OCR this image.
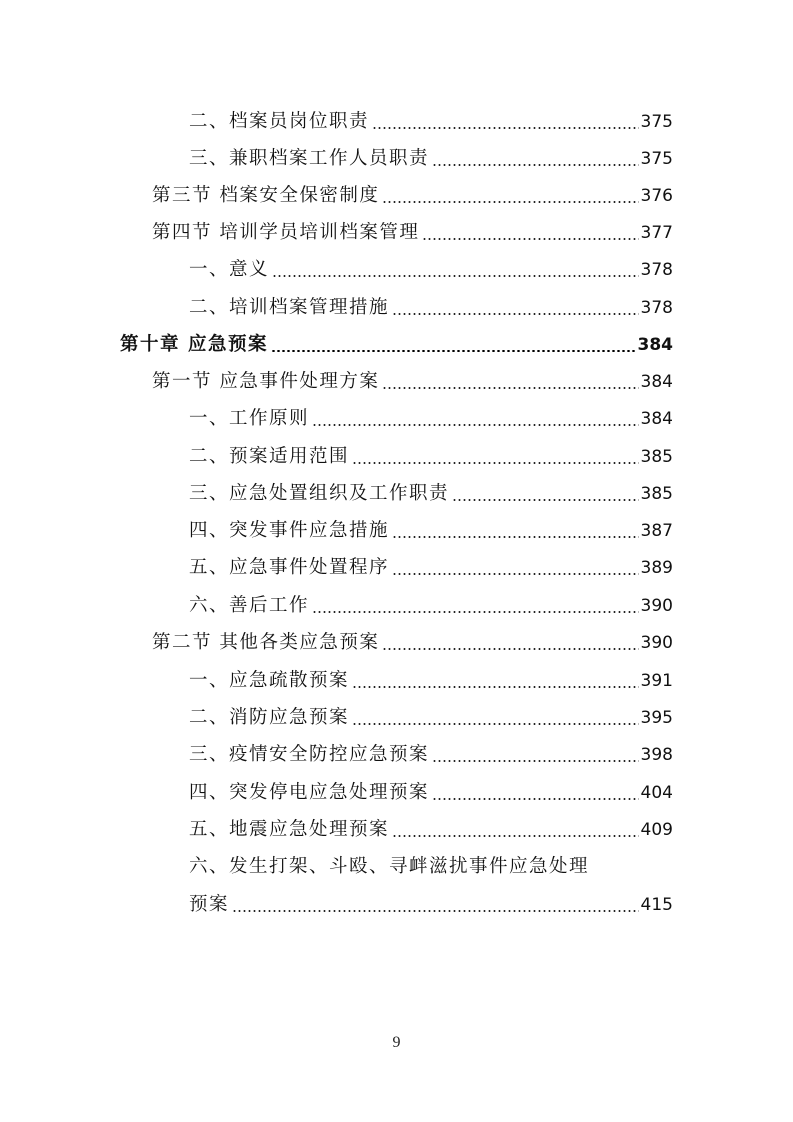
二、档案员岗位职责	375
三、兼职档案工作人员职责	375
第三节 档案安全保密制度	376
第四节 培训学员培训档案管理	377
一、意义	378
二、培训档案管理措施	378
第十章 应急预案	384
第一节 应急事件处理方案	384
一、工作原则	384
二、预案适用范围	385
三、应急处置组织及工作职责	385
四、突发事件应急措施	387
五、应急事件处置程序	389
六、善后工作	390
第二节 其他各类应急预案	390
一、应急疏散预案	391
二、消防应急预案	395
三、疫情安全防控应急预案	398
四、突发停电应急处理预案	404
五、地震应急处理预案	409
六、发生打架、斗殴、寻衅滋扰事件应急处理
预案	415
9
